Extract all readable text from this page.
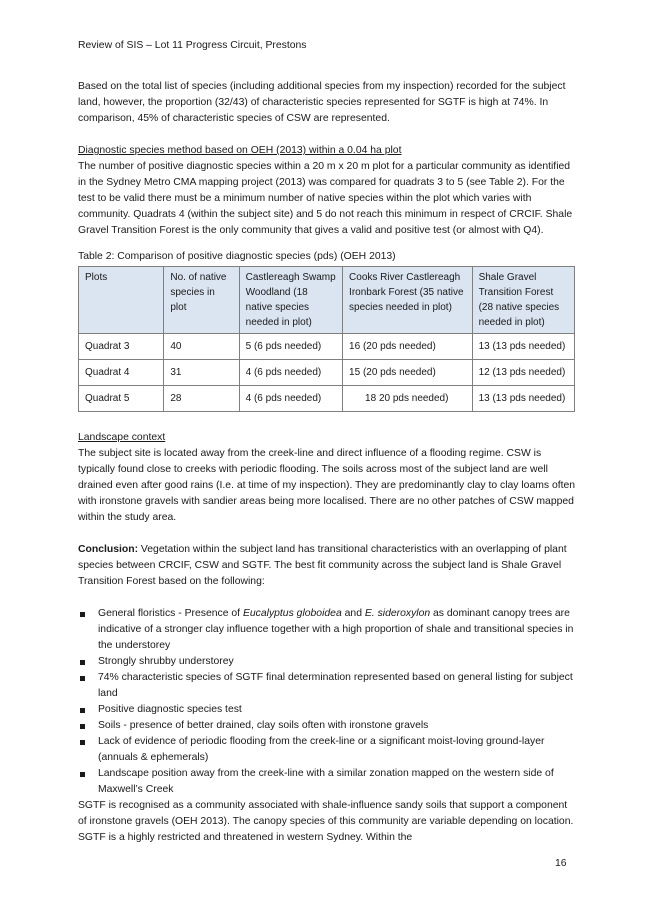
Review of SIS – Lot 11 Progress Circuit, Prestons

Based on the total list of species (including additional species from my inspection) recorded for the subject land, however, the proportion (32/43) of characteristic species represented for SGTF is high at 74%. In comparison, 45% of characteristic species of CSW are represented.

Diagnostic species method based on OEH (2013) within a 0.04 ha plot

The number of positive diagnostic species within a 20 m x 20 m plot for a particular community as identified in the Sydney Metro CMA mapping project (2013) was compared for quadrats 3 to 5 (see Table 2). For the test to be valid there must be a minimum number of native species within the plot which varies with community. Quadrats 4 (within the subject site) and 5 do not reach this minimum in respect of CRCIF. Shale Gravel Transition Forest is the only community that gives a valid and positive test (or almost with Q4).

Table 2: Comparison of positive diagnostic species (pds) (OEH 2013)

Plots	No. of native species in plot	Castlereagh Swamp Woodland (18 native species needed in plot)	Cooks River Castlereagh Ironbark Forest (35 native species needed in plot)	Shale Gravel Transition Forest (28 native species needed in plot)
Quadrat 3	40	5 (6 pds needed)	16 (20 pds needed)	13 (13 pds needed)
Quadrat 4	31	4 (6 pds needed)	15 (20 pds needed)	12 (13 pds needed)
Quadrat 5	28	4 (6 pds needed)	18 20 pds needed)	13 (13 pds needed)

Landscape context

The subject site is located away from the creek-line and direct influence of a flooding regime. CSW is typically found close to creeks with periodic flooding. The soils across most of the subject land are well drained even after good rains (I.e. at time of my inspection). They are predominantly clay to clay loams often with ironstone gravels with sandier areas being more localised. There are no other patches of CSW mapped within the study area.

Conclusion: Vegetation within the subject land has transitional characteristics with an overlapping of plant species between CRCIF, CSW and SGTF. The best fit community across the subject land is Shale Gravel Transition Forest based on the following:

General floristics - Presence of Eucalyptus globoidea and E. sideroxylon as dominant canopy trees are indicative of a stronger clay influence together with a high proportion of shale and transitional species in the understorey
Strongly shrubby understorey
74% characteristic species of SGTF final determination represented based on general listing for subject land
Positive diagnostic species test
Soils - presence of better drained, clay soils often with ironstone gravels
Lack of evidence of periodic flooding from the creek-line or a significant moist-loving ground-layer (annuals & ephemerals)
Landscape position away from the creek-line with a similar zonation mapped on the western side of Maxwell’s Creek

SGTF is recognised as a community associated with shale-influence sandy soils that support a component of ironstone gravels (OEH 2013). The canopy species of this community are variable depending on location. SGTF is a highly restricted and threatened in western Sydney. Within the

16
